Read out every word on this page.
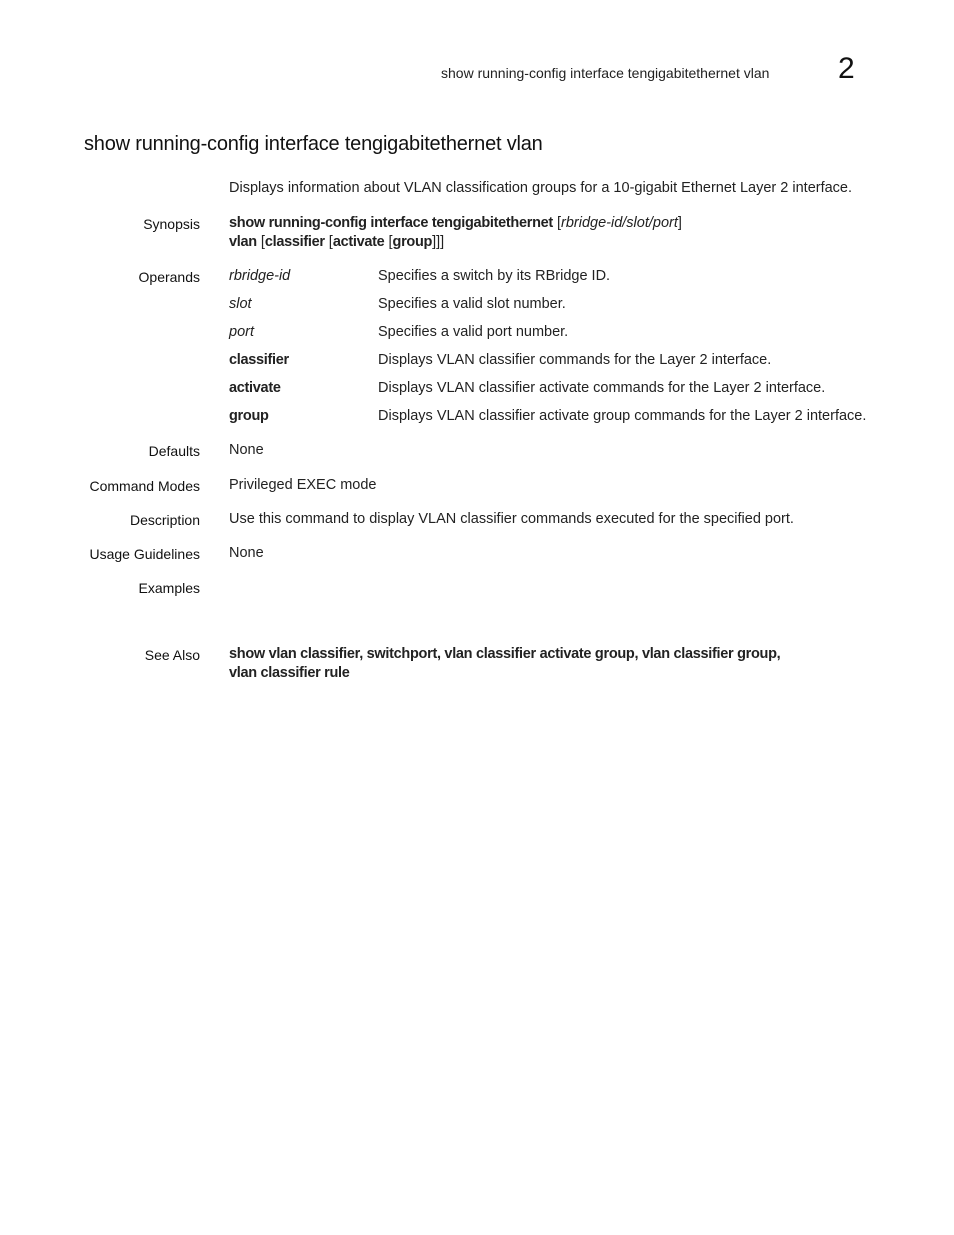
show running-config interface tengigabitethernet vlan 2
show running-config interface tengigabitethernet vlan
Displays information about VLAN classification groups for a 10-gigabit Ethernet Layer 2 interface.
Synopsis show running-config interface tengigabitethernet [rbridge-id/slot/port]
vlan [classifier [activate [group]]]
Operands rbridge-id	Specifies a switch by its RBridge ID.
slot	Specifies a valid slot number.
port	Specifies a valid port number.
classifier	Displays VLAN classifier commands for the Layer 2 interface.
activate	Displays VLAN classifier activate commands for the Layer 2 interface.
group	Displays VLAN classifier activate group commands for the Layer 2 interface.
Defaults None
Command Modes Privileged EXEC mode
Description Use this command to display VLAN classifier commands executed for the specified port.
Usage Guidelines None
Examples
See Also show vlan classifier, switchport, vlan classifier activate group, vlan classifier group,
vlan classifier rule
